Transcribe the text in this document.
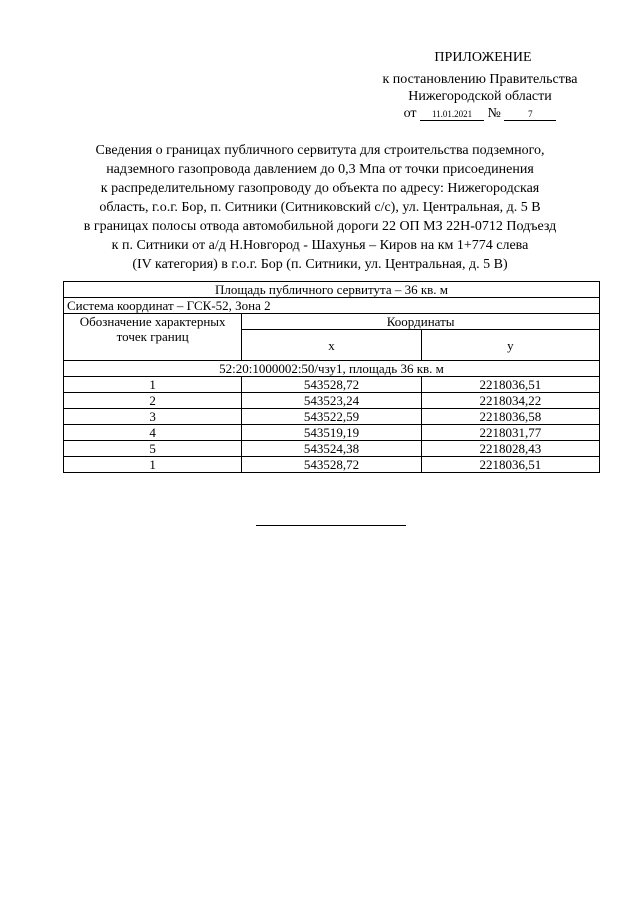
ПРИЛОЖЕНИЕ
к постановлению Правительства
Нижегородской области
от 11.01.2021 №	7
Сведения о границах публичного сервитута для строительства подземного,
надземного газопровода давлением до 0,3 Мпа от точки присоединения
к распределительному газопроводу до объекта по адресу: Нижегородская
область, г.о.г. Бор, п. Ситники (Ситниковский с/с), ул. Центральная, д. 5 В
в границах полосы отвода автомобильной дороги 22 ОП МЗ 22Н-0712 Подъезд
к п. Ситники от а/д Н.Новгород - Шахунья – Киров на км 1+774 слева
(IV категория) в г.о.г. Бор (п. Ситники, ул. Центральная, д. 5 В)
Площадь публичного сервитута – 36 кв. м		
Система координат – ГСК-52, Зона 2		
Обозначение характерных точек границ	Координаты	
	x	y
52:20:1000002:50/чзу1, площадь 36 кв. м		
1	543528,72	2218036,51
2	543523,24	2218034,22
3	543522,59	2218036,58
4	543519,19	2218031,77
5	543524,38	2218028,43
1	543528,72	2218036,51
